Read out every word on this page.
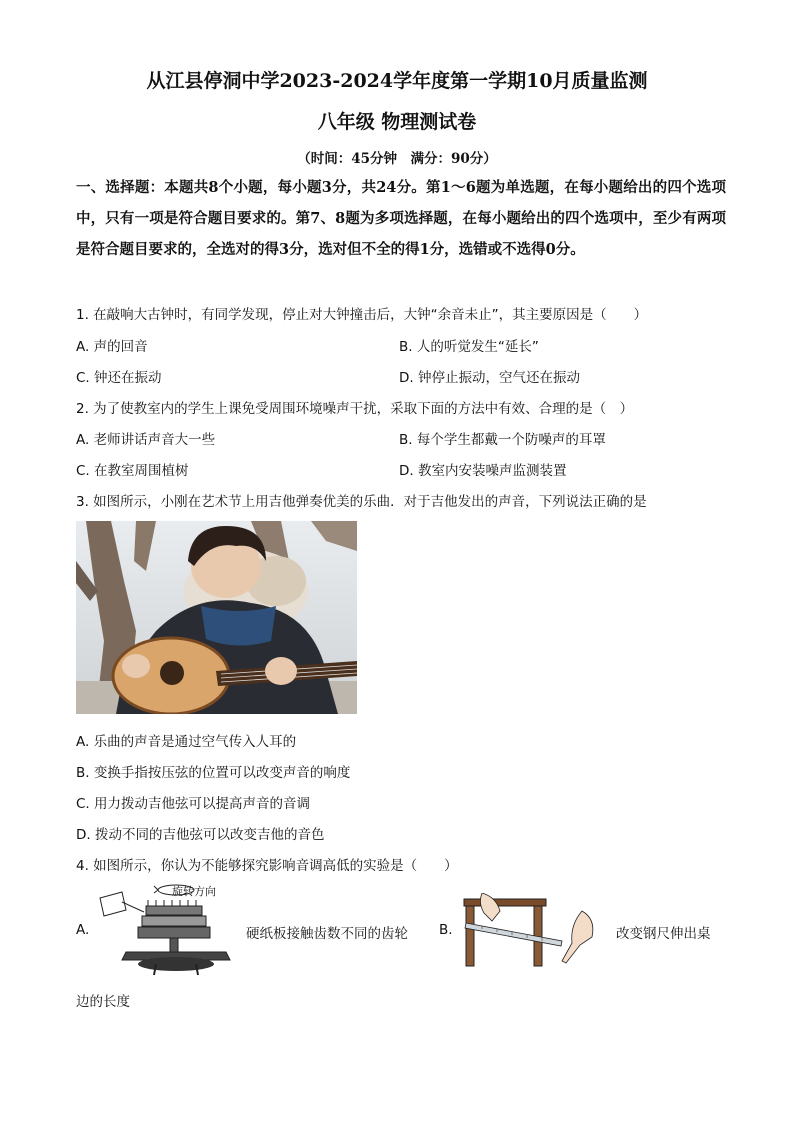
从江县停洞中学2023-2024学年度第一学期10月质量监测
八年级 物理测试卷
（时间：45分钟　满分：90分）
一、选择题：本题共8个小题，每小题3分，共24分。第1～6题为单选题，在每小题给出的四个选项中，只有一项是符合题目要求的。第7、8题为多项选择题，在每小题给出的四个选项中，至少有两项是符合题目要求的，全选对的得3分，选对但不全的得1分，选错或不选得0分。
1. 在敲响大古钟时，有同学发现，停止对大钟撞击后，大钟“余音未止”，其主要原因是（　　）
A. 声的回音	B. 人的听觉发生“延长”
C. 钟还在振动	D. 钟停止振动，空气还在振动
2. 为了使教室内的学生上课免受周围环境噪声干扰，采取下面的方法中有效、合理的是（　）
A. 老师讲话声音大一些	B. 每个学生都戴一个防噪声的耳罩
C. 在教室周围植树	D. 教室内安装噪声监测装置
3. 如图所示，小刚在艺术节上用吉他弹奏优美的乐曲．对于吉他发出的声音，下列说法正确的是
A. 乐曲的声音是通过空气传入人耳的
B. 变换手指按压弦的位置可以改变声音的响度
C. 用力拨动吉他弦可以提高声音的音调
D. 拨动不同的吉他弦可以改变吉他的音色
4. 如图所示，你认为不能够探究影响音调高低的实验是（　　）
A.
旋转方向
硬纸板接触齿数不同的齿轮 B.	改变钢尺伸出桌
边的长度
